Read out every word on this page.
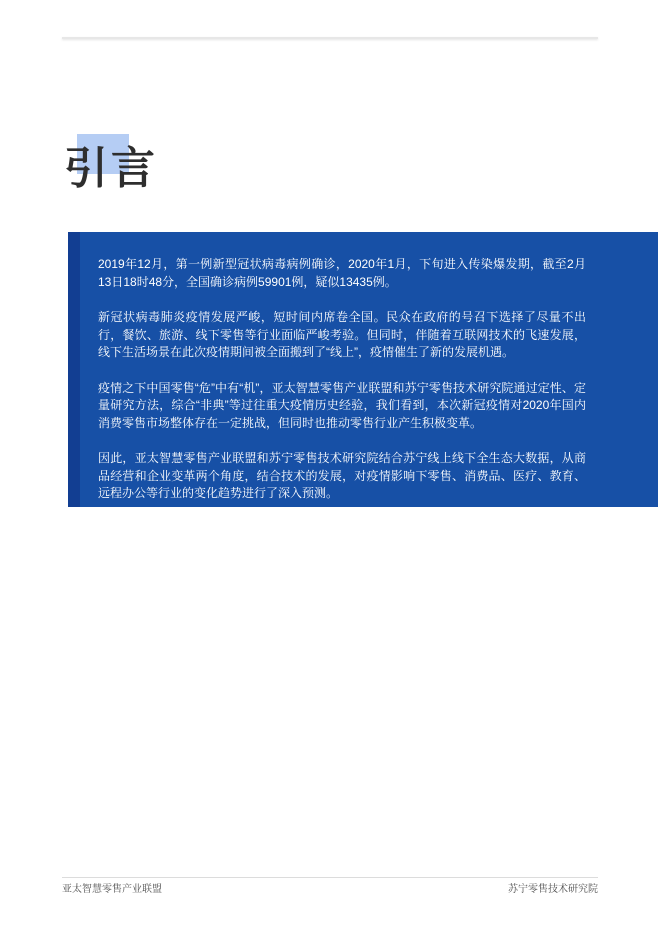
引言

2019年12月，第一例新型冠状病毒病例确诊，2020年1月，下旬进入传染爆发期，截至2月13日18时48分，全国确诊病例59901例，疑似13435例。

新冠状病毒肺炎疫情发展严峻，短时间内席卷全国。民众在政府的号召下选择了尽量不出行，餐饮、旅游、线下零售等行业面临严峻考验。但同时，伴随着互联网技术的飞速发展，线下生活场景在此次疫情期间被全面搬到了“线上”，疫情催生了新的发展机遇。

疫情之下中国零售“危”中有“机”，亚太智慧零售产业联盟和苏宁零售技术研究院通过定性、定量研究方法，综合“非典”等过往重大疫情历史经验，我们看到，本次新冠疫情对2020年国内消费零售市场整体存在一定挑战，但同时也推动零售行业产生积极变革。

因此，亚太智慧零售产业联盟和苏宁零售技术研究院结合苏宁线上线下全生态大数据，从商品经营和企业变革两个角度，结合技术的发展，对疫情影响下零售、消费品、医疗、教育、远程办公等行业的变化趋势进行了深入预测。

亚太智慧零售产业联盟	苏宁零售技术研究院
